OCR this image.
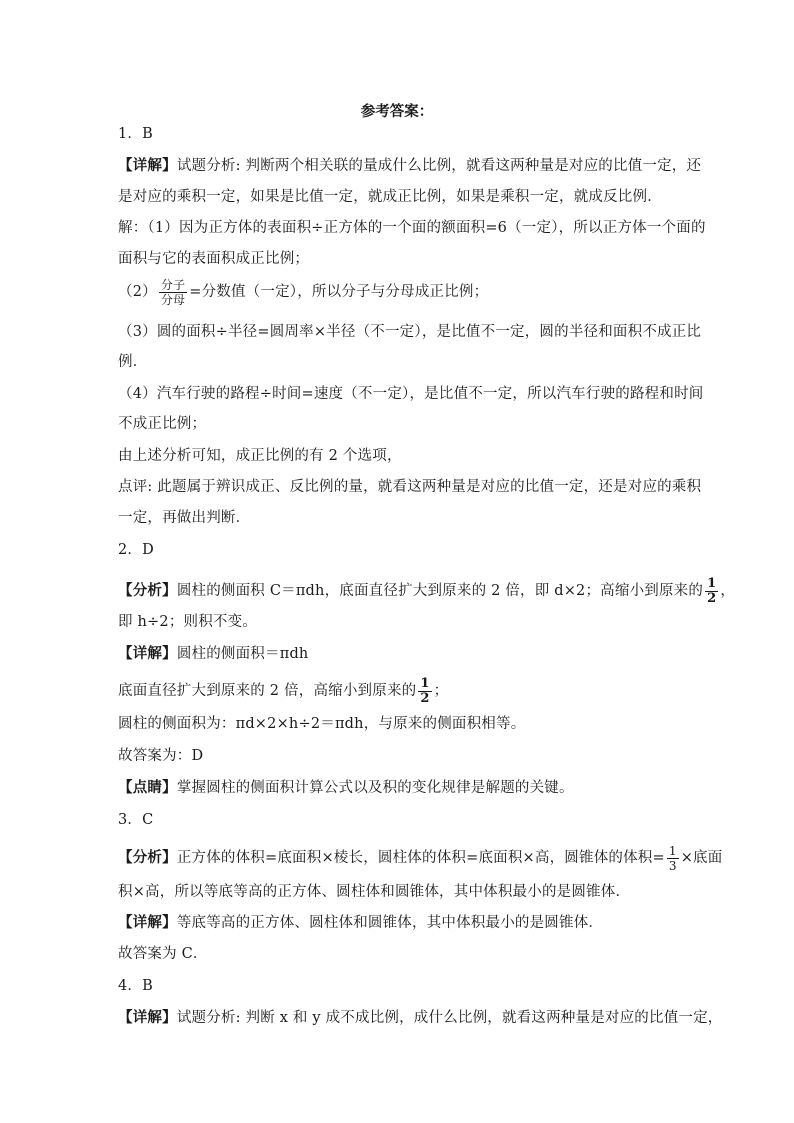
参考答案：
1．B
【详解】试题分析: 判断两个相关联的量成什么比例，就看这两种量是对应的比值一定，还
是对应的乘积一定，如果是比值一定，就成正比例，如果是乘积一定，就成反比例．
解：（1）因为正方体的表面积÷正方体的一个面的额面积=6（一定），所以正方体一个面的
面积与它的表面积成正比例；
$(2) \frac{\text{分子}}{\text{分母}}$ =分数值（一定），所以分子与分母成正比例；
（3）圆的面积÷半径=圆周率×半径（不一定），是比值不一定，圆的半径和面积不成正比
例．
（4）汽车行驶的路程÷时间=速度（不一定），是比值不一定，所以汽车行驶的路程和时间
不成正比例；
由上述分析可知，成正比例的有 2 个选项，
点评: 此题属于辨识成正、反比例的量，就看这两种量是对应的比值一定，还是对应的乘积
一定，再做出判断．
2．D
【分析】圆柱的侧面积 C＝πdh，底面直径扩大到原来的 2 倍，即 d×2；高缩小到原来的 $\frac{1}{2}$ ，
即 h÷2；则积不变。
【详解】圆柱的侧面积＝πdh
底面直径扩大到原来的 2 倍，高缩小到原来的 $\frac{1}{2}$ ；
圆柱的侧面积为：πd×2×h÷2＝πdh，与原来的侧面积相等。
故答案为：D
【点睛】掌握圆柱的侧面积计算公式以及积的变化规律是解题的关键。
3．C
【分析】正方体的体积=底面积×棱长，圆柱体的体积=底面积×高，圆锥体的体积= $\frac{1}{3}$ ×底面
积×高，所以等底等高的正方体、圆柱体和圆锥体，其中体积最小的是圆锥体．
【详解】等底等高的正方体、圆柱体和圆锥体，其中体积最小的是圆锥体．
故答案为 C．
4．B
【详解】试题分析: 判断 x 和 y 成不成比例，成什么比例，就看这两种量是对应的比值一定，
